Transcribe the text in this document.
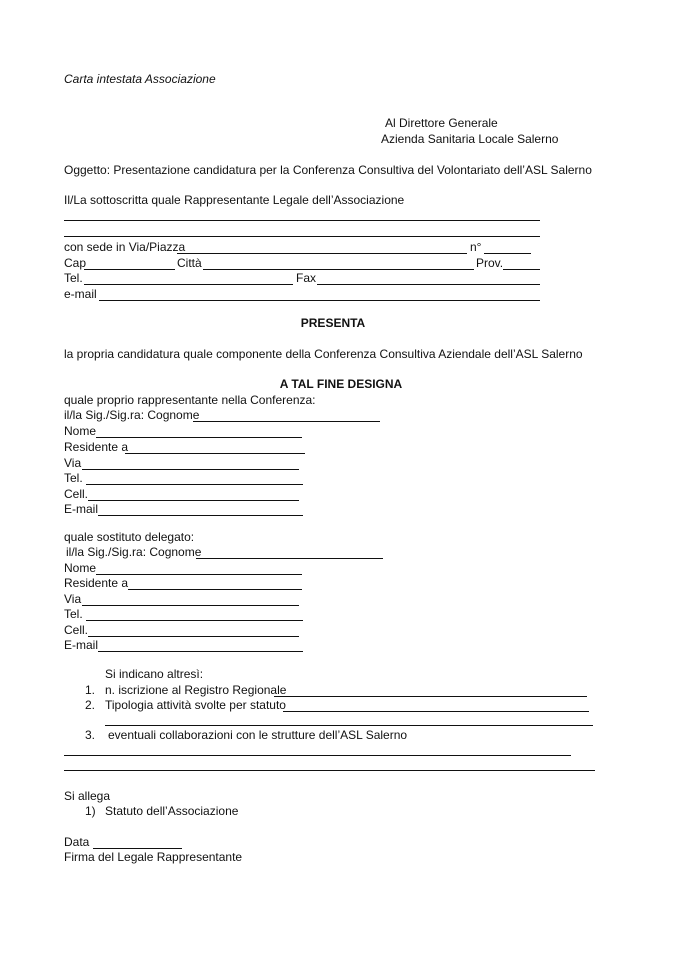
Carta intestata Associazione
Al Direttore Generale
Azienda Sanitaria Locale Salerno
Oggetto: Presentazione candidatura per la Conferenza Consultiva del Volontariato dell’ASL Salerno
Il/La sottoscritta quale Rappresentante Legale dell’Associazione
con sede in Via/Piazza	n°
Cap	Città	Prov.
Tel.	Fax
e-mail
PRESENTA
la propria candidatura quale componente della Conferenza Consultiva Aziendale dell’ASL Salerno
A TAL FINE DESIGNA
quale proprio rappresentante nella Conferenza:
il/la Sig./Sig.ra: Cognome
Nome
Residente a
Via
Tel.
Cell.
E-mail
quale sostituto delegato:
il/la Sig./Sig.ra: Cognome
Nome
Residente a
Via
Tel.
Cell.
E-mail
Si indicano altresì:
1. n. iscrizione al Registro Regionale
2. Tipologia attività svolte per statuto
3. eventuali collaborazioni con le strutture dell’ASL Salerno
Si allega
1) Statuto dell’Associazione
Data
Firma del Legale Rappresentante
